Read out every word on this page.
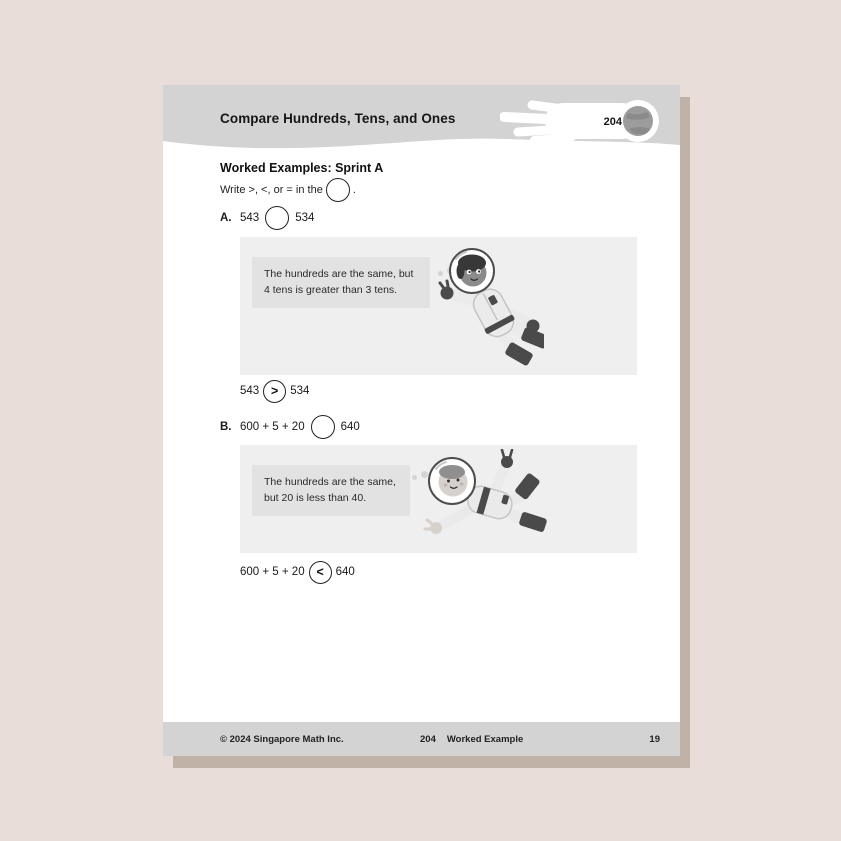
Compare Hundreds, Tens, and Ones	204
Worked Examples: Sprint A
Write >, <, or = in the	.
A. 543	534
The hundreds are the same, but
4 tens is greater than 3 tens.
543 > 534
B. 600 + 5 + 20	640
The hundreds are the same,
but 20 is less than 40.
600 + 5 + 20 < 640
© 2024 Singapore Math Inc.	204 Worked Example	19
